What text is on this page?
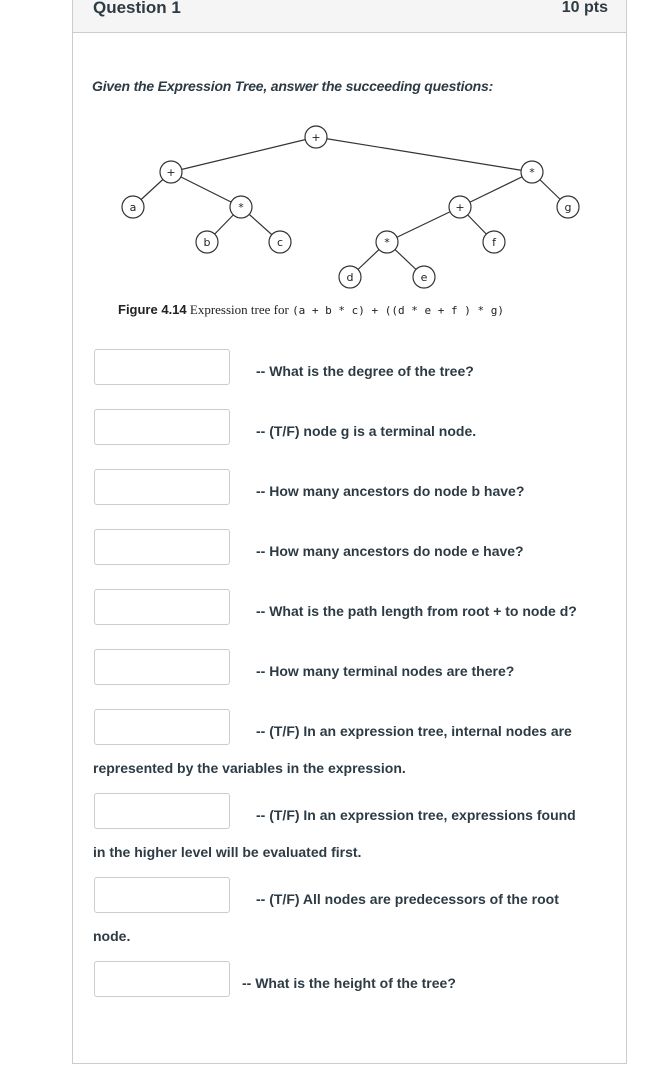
Question 1	10 pts
Given the Expression Tree, answer the succeeding questions:
+
+	*
a	*	+	g
b	c	*	f
d	e
Figure 4.14 Expression tree for (a + b * c) + ((d * e + f ) * g)
-- What is the degree of the tree?
-- (T/F) node g is a terminal node.
-- How many ancestors do node b have?
-- How many ancestors do node e have?
-- What is the path length from root + to node d?
-- How many terminal nodes are there?
-- (T/F) In an expression tree, internal nodes are
represented by the variables in the expression.
-- (T/F) In an expression tree, expressions found
in the higher level will be evaluated first.
-- (T/F) All nodes are predecessors of the root
node.
-- What is the height of the tree?
